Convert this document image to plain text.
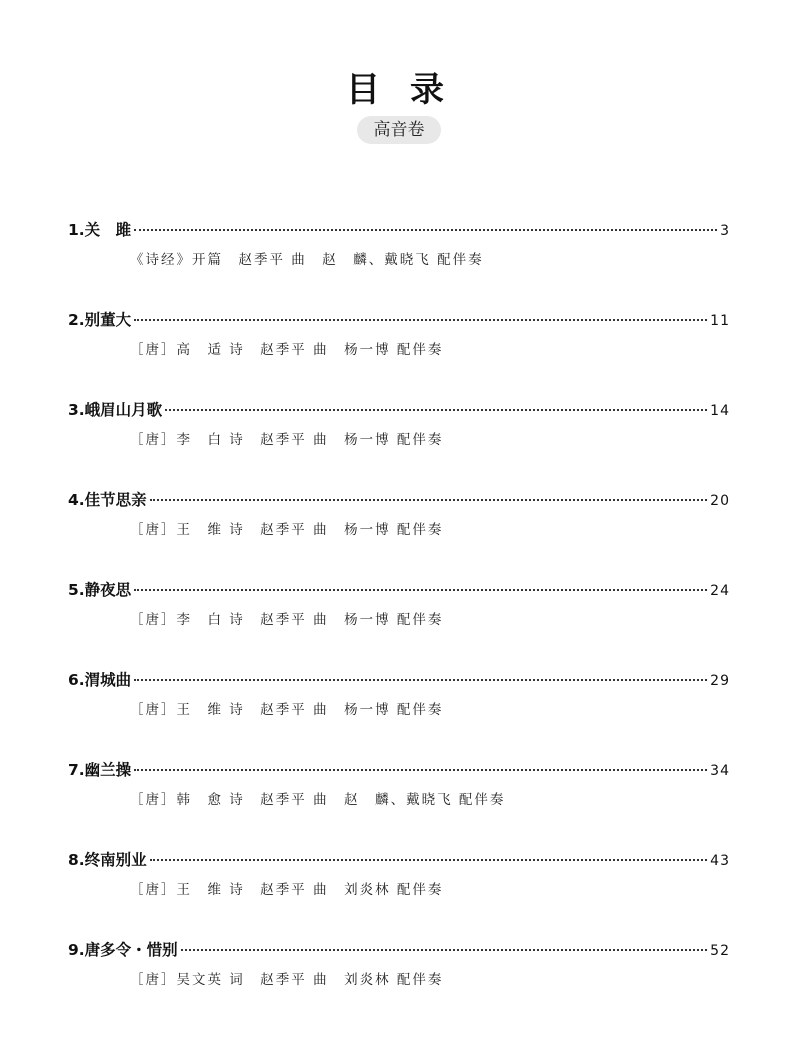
目录
高音卷
1.关　雎	3
《诗经》开篇　赵季平 曲　赵　麟、戴晓飞 配伴奏
2.别董大	11
［唐］高　适 诗　赵季平 曲　杨一博 配伴奏
3.峨眉山月歌	14
［唐］李　白 诗　赵季平 曲　杨一博 配伴奏
4.佳节思亲	20
［唐］王　维 诗　赵季平 曲　杨一博 配伴奏
5.静夜思	24
［唐］李　白 诗　赵季平 曲　杨一博 配伴奏
6.渭城曲	29
［唐］王　维 诗　赵季平 曲　杨一博 配伴奏
7.幽兰操	34
［唐］韩　愈 诗　赵季平 曲　赵　麟、戴晓飞 配伴奏
8.终南别业	43
［唐］王　维 诗　赵季平 曲　刘炎林 配伴奏
9.唐多令・惜别	52
［唐］吴文英 词　赵季平 曲　刘炎林 配伴奏
